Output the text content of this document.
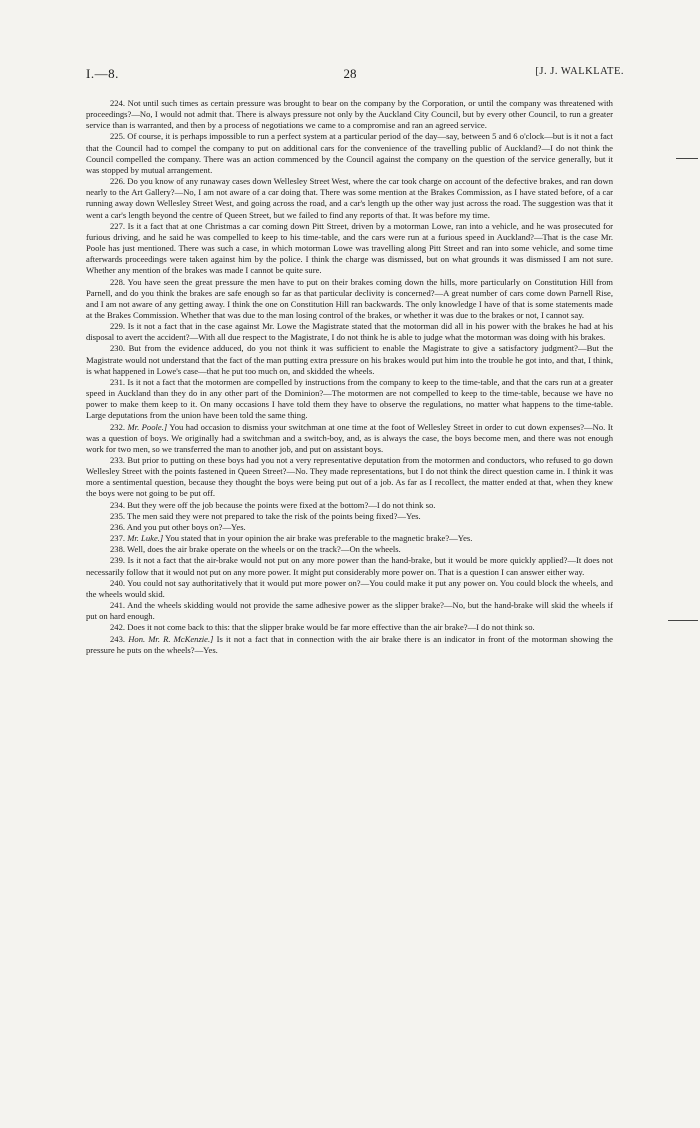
I.—8.	28	[J. J. WALKLATE.

224. Not until such times as certain pressure was brought to bear on the company by the Corporation, or until the company was threatened with proceedings?—No, I would not admit that. There is always pressure not only by the Auckland City Council, but by every other Council, to run a greater service than is warranted, and then by a process of negotiations we came to a compromise and ran an agreed service.

225. Of course, it is perhaps impossible to run a perfect system at a particular period of the day—say, between 5 and 6 o'clock—but is it not a fact that the Council had to compel the company to put on additional cars for the convenience of the travelling public of Auckland?—I do not think the Council compelled the company. There was an action commenced by the Council against the company on the question of the service generally, but it was stopped by mutual arrangement.

226. Do you know of any runaway cases down Wellesley Street West, where the car took charge on account of the defective brakes, and ran down nearly to the Art Gallery?—No, I am not aware of a car doing that. There was some mention at the Brakes Commission, as I have stated before, of a car running away down Wellesley Street West, and going across the road, and a car's length up the other way just across the road. The suggestion was that it went a car's length beyond the centre of Queen Street, but we failed to find any reports of that. It was before my time.

227. Is it a fact that at one Christmas a car coming down Pitt Street, driven by a motorman Lowe, ran into a vehicle, and he was prosecuted for furious driving, and he said he was compelled to keep to his time-table, and the cars were run at a furious speed in Auckland?—That is the case Mr. Poole has just mentioned. There was such a case, in which motorman Lowe was travelling along Pitt Street and ran into some vehicle, and some time afterwards proceedings were taken against him by the police. I think the charge was dismissed, but on what grounds it was dismissed I am not sure. Whether any mention of the brakes was made I cannot be quite sure.

228. You have seen the great pressure the men have to put on their brakes coming down the hills, more particularly on Constitution Hill from Parnell, and do you think the brakes are safe enough so far as that particular declivity is concerned?—A great number of cars come down Parnell Rise, and I am not aware of any getting away. I think the one on Constitution Hill ran backwards. The only knowledge I have of that is some statements made at the Brakes Commission. Whether that was due to the man losing control of the brakes, or whether it was due to the brakes or not, I cannot say.

229. Is it not a fact that in the case against Mr. Lowe the Magistrate stated that the motorman did all in his power with the brakes he had at his disposal to avert the accident?—With all due respect to the Magistrate, I do not think he is able to judge what the motorman was doing with his brakes.

230. But from the evidence adduced, do you not think it was sufficient to enable the Magistrate to give a satisfactory judgment?—But the Magistrate would not understand that the fact of the man putting extra pressure on his brakes would put him into the trouble he got into, and that, I think, is what happened in Lowe's case—that he put too much on, and skidded the wheels.

231. Is it not a fact that the motormen are compelled by instructions from the company to keep to the time-table, and that the cars run at a greater speed in Auckland than they do in any other part of the Dominion?—The motormen are not compelled to keep to the time-table, because we have no power to make them keep to it. On many occasions I have told them they have to observe the regulations, no matter what happens to the time-table. Large deputations from the union have been told the same thing.

232. Mr. Poole.] You had occasion to dismiss your switchman at one time at the foot of Wellesley Street in order to cut down expenses?—No. It was a question of boys. We originally had a switchman and a switch-boy, and, as is always the case, the boys become men, and there was not enough work for two men, so we transferred the man to another job, and put on assistant boys.

233. But prior to putting on these boys had you not a very representative deputation from the motormen and conductors, who refused to go down Wellesley Street with the points fastened in Queen Street?—No. They made representations, but I do not think the direct question came in. I think it was more a sentimental question, because they thought the boys were being put out of a job. As far as I recollect, the matter ended at that, when they knew the boys were not going to be put off.

234. But they were off the job because the points were fixed at the bottom?—I do not think so.

235. The men said they were not prepared to take the risk of the points being fixed?—Yes.

236. And you put other boys on?—Yes.

237. Mr. Luke.] You stated that in your opinion the air brake was preferable to the magnetic brake?—Yes.

238. Well, does the air brake operate on the wheels or on the track?—On the wheels.

239. Is it not a fact that the air-brake would not put on any more power than the hand-brake, but it would be more quickly applied?—It does not necessarily follow that it would not put on any more power. It might put considerably more power on. That is a question I can answer either way.

240. You could not say authoritatively that it would put more power on?—You could make it put any power on. You could block the wheels, and the wheels would skid.

241. And the wheels skidding would not provide the same adhesive power as the slipper brake?—No, but the hand-brake will skid the wheels if put on hard enough.

242. Does it not come back to this: that the slipper brake would be far more effective than the air brake?—I do not think so.

243. Hon. Mr. R. McKenzie.] Is it not a fact that in connection with the air brake there is an indicator in front of the motorman showing the pressure he puts on the wheels?—Yes.
